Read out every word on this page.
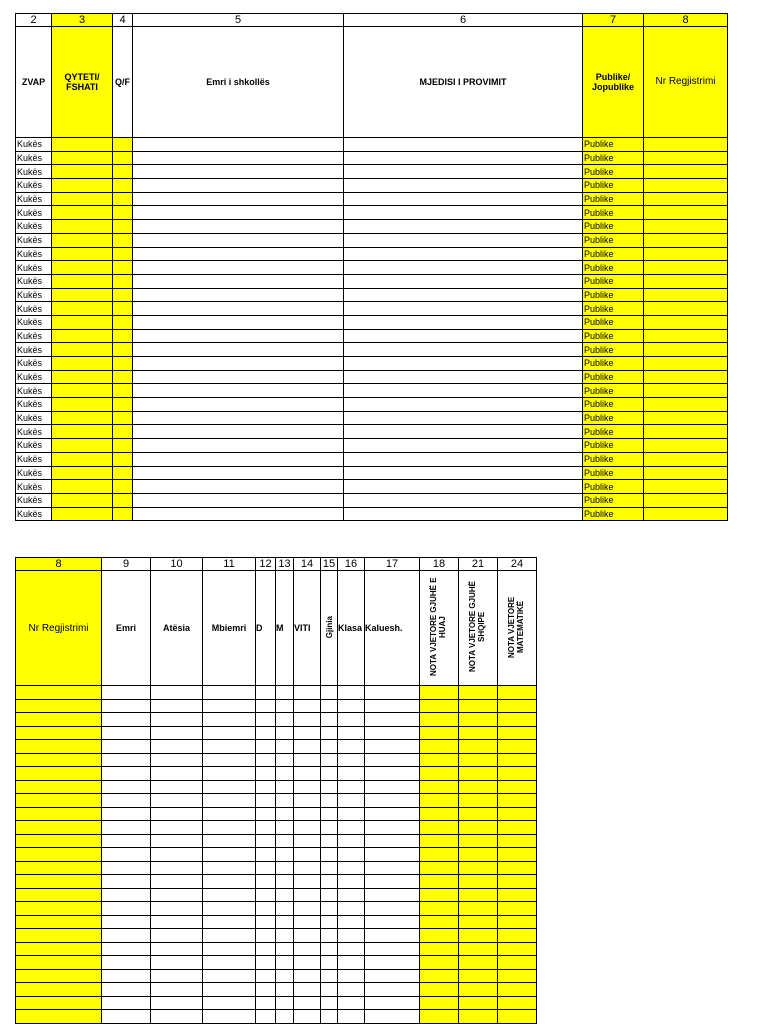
2	3	4	5	6	7	8
ZVAP	QYTETI/ FSHATI	Q/F	Emri i shkollës	MJEDISI I PROVIMIT	Publike/ Jopublike	Nr Regjistrimi
Kukës					Publike	
Kukës					Publike	
Kukës					Publike	
Kukës					Publike	
Kukës					Publike	
Kukës					Publike	
Kukës					Publike	
Kukës					Publike	
Kukës					Publike	
Kukës					Publike	
Kukës					Publike	
Kukës					Publike	
Kukës					Publike	
Kukës					Publike	
Kukës					Publike	
Kukës					Publike	
Kukës					Publike	
Kukës					Publike	
Kukës					Publike	
Kukës					Publike	
Kukës					Publike	
Kukës					Publike	
Kukës					Publike	
Kukës					Publike	
Kukës					Publike	
Kukës					Publike	
Kukës					Publike	
Kukës					Publike	
8	9	10	11	12	13	14	15	16	17	18	21	24
Nr Regjistrimi	Emri	Atësia	Mbiemri	D	M	VITI	Gjinia	Klasa	Kaluesh.	NOTA VJETORE GJUHË E HUAJ	NOTA VJETORE GJUHË SHQIPE	NOTA VJETORE MATEMATIKË
